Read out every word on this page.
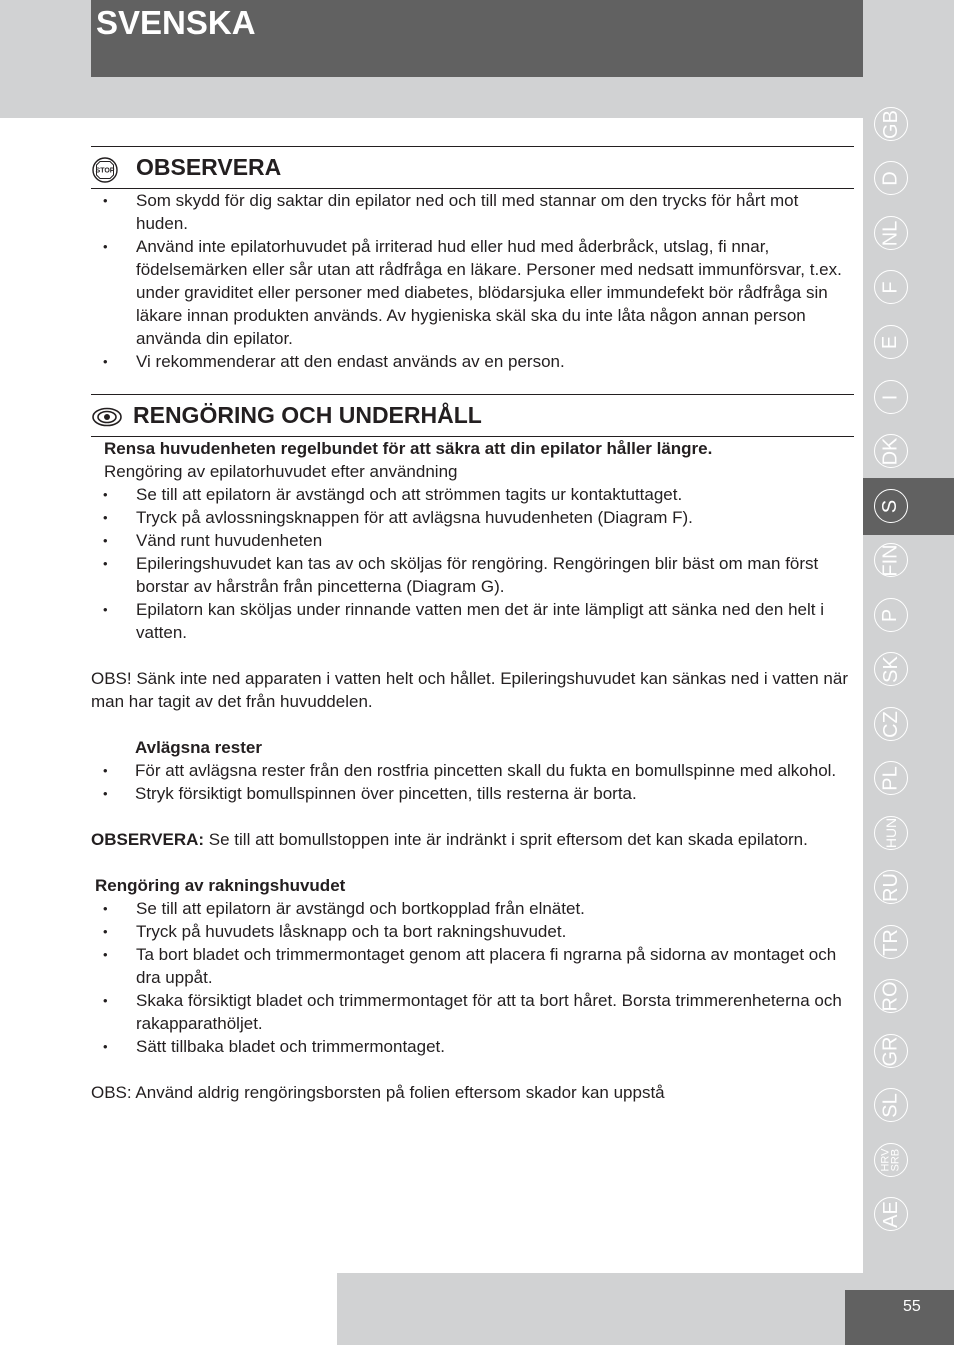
SVENSKA
GB
D
NL
F
E
I
DK
S
FIN
P
SK
CZ
PL
HUN
RU
TR
RO
GR
SL
HRV
SRB
AE
STOP OBSERVERA
• Som skydd för dig saktar din epilator ned och till med stannar om den trycks för hårt mot huden.
• Använd inte epilatorhuvudet på irriterad hud eller hud med åderbråck, utslag, fi nnar, födelsemärken eller sår utan att rådfråga en läkare. Personer med nedsatt immunförsvar, t.ex. under graviditet eller personer med diabetes, blödarsjuka eller immundefekt bör rådfråga sin läkare innan produkten används. Av hygieniska skäl ska du inte låta någon annan person använda din epilator.
• Vi rekommenderar att den endast används av en person.
RENGÖRING OCH UNDERHÅLL

Rensa huvudenheten regelbundet för att säkra att din epilator håller längre.

Rengöring av epilatorhuvudet efter användning

• Se till att epilatorn är avstängd och att strömmen tagits ur kontaktuttaget.
• Tryck på avlossningsknappen för att avlägsna huvudenheten (Diagram F).
• Vänd runt huvudenheten
• Epileringshuvudet kan tas av och sköljas för rengöring. Rengöringen blir bäst om man först borstar av hårstrån från pincetterna (Diagram G).
• Epilatorn kan sköljas under rinnande vatten men det är inte lämpligt att sänka ned den helt i vatten.

OBS! Sänk inte ned apparaten i vatten helt och hållet. Epileringshuvudet kan sänkas ned i vatten när man har tagit av det från huvuddelen.

Avlägsna rester

• För att avlägsna rester från den rostfria pincetten skall du fukta en bomullspinne med alkohol.
• Stryk försiktigt bomullspinnen över pincetten, tills resterna är borta.

OBSERVERA: Se till att bomullstoppen inte är indränkt i sprit eftersom det kan skada epilatorn.

Rengöring av rakningshuvudet

• Se till att epilatorn är avstängd och bortkopplad från elnätet.
• Tryck på huvudets låsknapp och ta bort rakningshuvudet.
• Ta bort bladet och trimmermontaget genom att placera fi ngrarna på sidorna av montaget och dra uppåt.
• Skaka försiktigt bladet och trimmermontaget för att ta bort håret. Borsta trimmerenheterna och rakapparathöljet.
• Sätt tillbaka bladet och trimmermontaget.

OBS: Använd aldrig rengöringsborsten på folien eftersom skador kan uppstå

55
